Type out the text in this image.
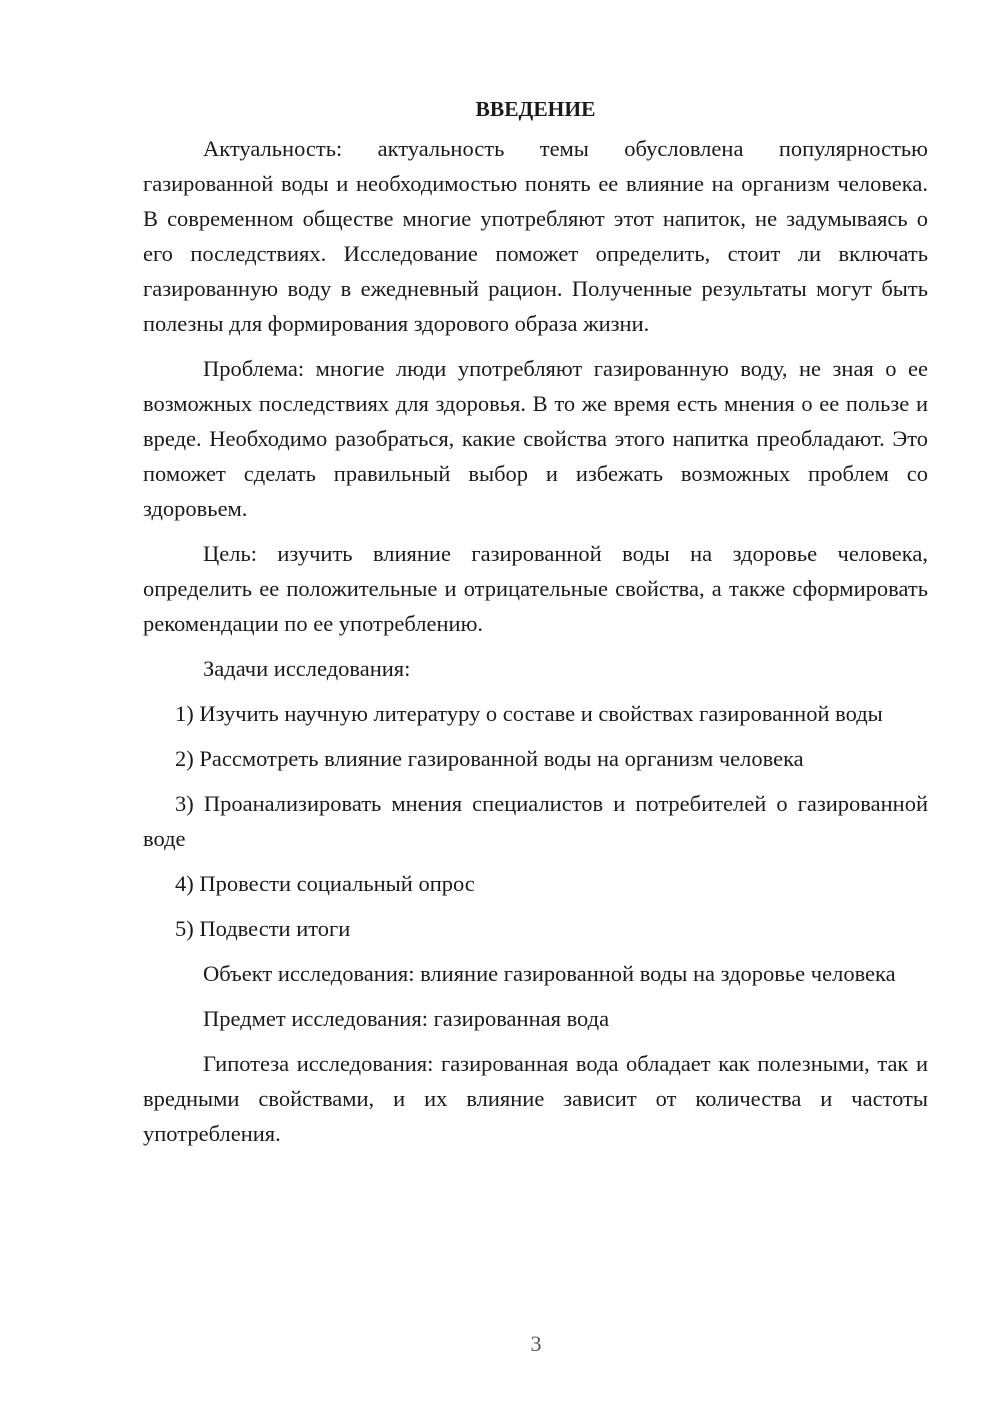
ВВЕДЕНИЕ

Актуальность: актуальность темы обусловлена популярностью газированной воды и необходимостью понять ее влияние на организм человека. В современном обществе многие употребляют этот напиток, не задумываясь о его последствиях. Исследование поможет определить, стоит ли включать газированную воду в ежедневный рацион. Полученные результаты могут быть полезны для формирования здорового образа жизни.

Проблема: многие люди употребляют газированную воду, не зная о ее возможных последствиях для здоровья. В то же время есть мнения о ее пользе и вреде. Необходимо разобраться, какие свойства этого напитка преобладают. Это поможет сделать правильный выбор и избежать возможных проблем со здоровьем.

Цель: изучить влияние газированной воды на здоровье человека, определить ее положительные и отрицательные свойства, а также сформировать рекомендации по ее употреблению.

Задачи исследования:

1) Изучить научную литературу о составе и свойствах газированной воды

2) Рассмотреть влияние газированной воды на организм человека

3) Проанализировать мнения специалистов и потребителей о газированной воде

4) Провести социальный опрос

5) Подвести итоги

Объект исследования: влияние газированной воды на здоровье человека

Предмет исследования: газированная вода

Гипотеза исследования: газированная вода обладает как полезными, так и вредными свойствами, и их влияние зависит от количества и частоты употребления.

3
